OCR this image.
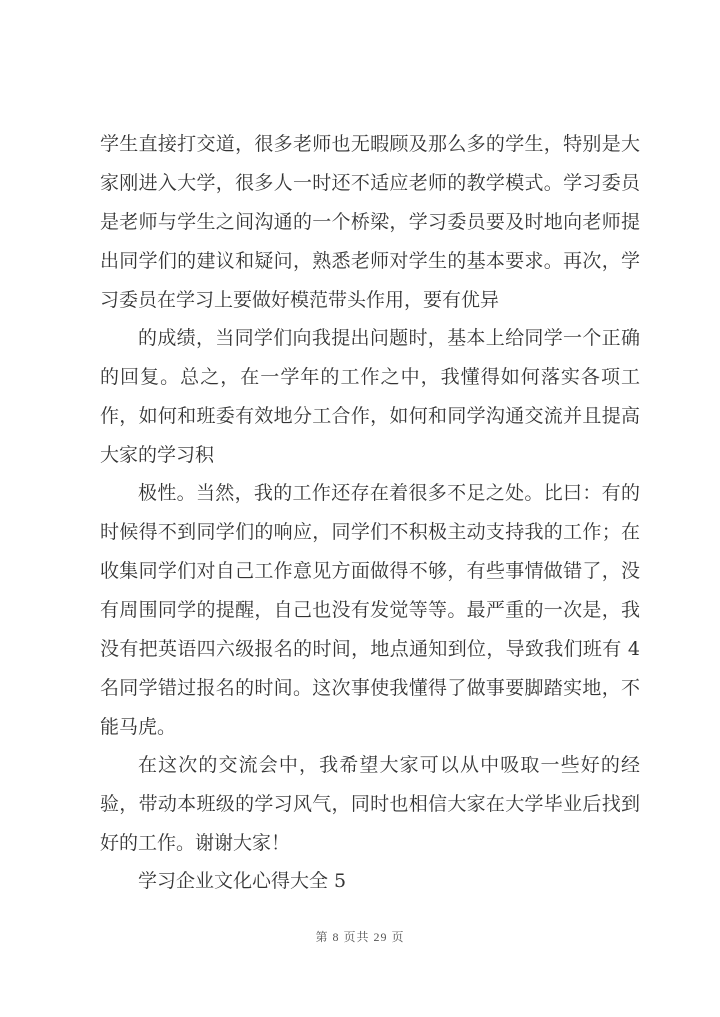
学生直接打交道，很多老师也无暇顾及那么多的学生，特别是大
家刚进入大学，很多人一时还不适应老师的教学模式。学习委员
是老师与学生之间沟通的一个桥梁，学习委员要及时地向老师提
出同学们的建议和疑问，熟悉老师对学生的基本要求。再次，学
习委员在学习上要做好模范带头作用，要有优异
的成绩，当同学们向我提出问题时，基本上给同学一个正确
的回复。总之，在一学年的工作之中，我懂得如何落实各项工
作，如何和班委有效地分工合作，如何和同学沟通交流并且提高
大家的学习积
极性。当然，我的工作还存在着很多不足之处。比曰：有的
时候得不到同学们的响应，同学们不积极主动支持我的工作；在
收集同学们对自己工作意见方面做得不够，有些事情做错了，没
有周围同学的提醒，自己也没有发觉等等。最严重的一次是，我
没有把英语四六级报名的时间，地点通知到位，导致我们班有 4
名同学错过报名的时间。这次事使我懂得了做事要脚踏实地，不
能马虎。
在这次的交流会中，我希望大家可以从中吸取一些好的经
验，带动本班级的学习风气，同时也相信大家在大学毕业后找到
好的工作。谢谢大家！
学习企业文化心得大全 5
第 8 页共 29 页
